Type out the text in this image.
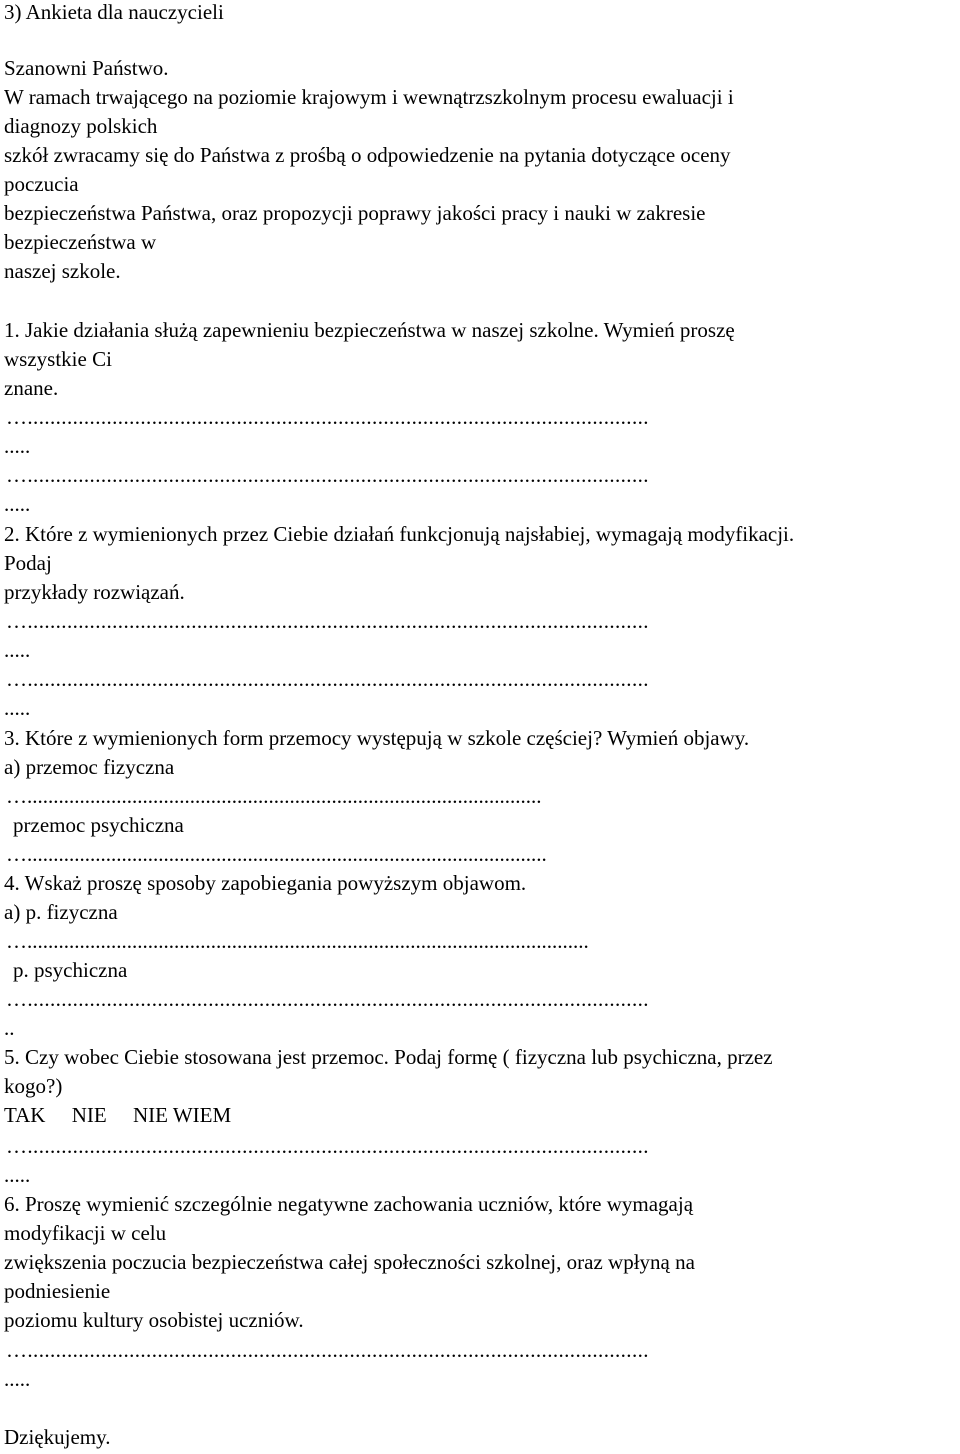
3) Ankieta dla nauczycieli
Szanowni Państwo.
W ramach trwającego na poziomie krajowym i wewnątrzszkolnym procesu ewaluacji i
diagnozy polskich
szkół zwracamy się do Państwa z prośbą o odpowiedzenie na pytania dotyczące oceny
poczucia
bezpieczeństwa Państwa, oraz propozycji poprawy jakości pracy i nauki w zakresie
bezpieczeństwa w
naszej szkole.
1. Jakie działania służą zapewnieniu bezpieczeństwa w naszej szkolne. Wymień proszę
wszystkie Ci
znane.
…..............................................................................................................
.....
…..............................................................................................................
.....
2. Które z wymienionych przez Ciebie działań funkcjonują najsłabiej, wymagają modyfikacji.
Podaj
przykłady rozwiązań.
…..............................................................................................................
.....
…..............................................................................................................
.....
3. Które z wymienionych form przemocy występują w szkole częściej? Wymień objawy.
a) przemoc fizyczna
…..................................................................................................
przemoc psychiczna
…...................................................................................................
4. Wskaż proszę sposoby zapobiegania powyższym objawom.
a) p. fizyczna
…...........................................................................................................
p. psychiczna
…..............................................................................................................
..
5. Czy wobec Ciebie stosowana jest przemoc. Podaj formę ( fizyczna lub psychiczna, przez
kogo?)
TAK     NIE     NIE WIEM
…..............................................................................................................
.....
6. Proszę wymienić szczególnie negatywne zachowania uczniów, które wymagają
modyfikacji w celu
zwiększenia poczucia bezpieczeństwa całej społeczności szkolnej, oraz wpłyną na
podniesienie
poziomu kultury osobistej uczniów.
…..............................................................................................................
.....
Dziękujemy.
